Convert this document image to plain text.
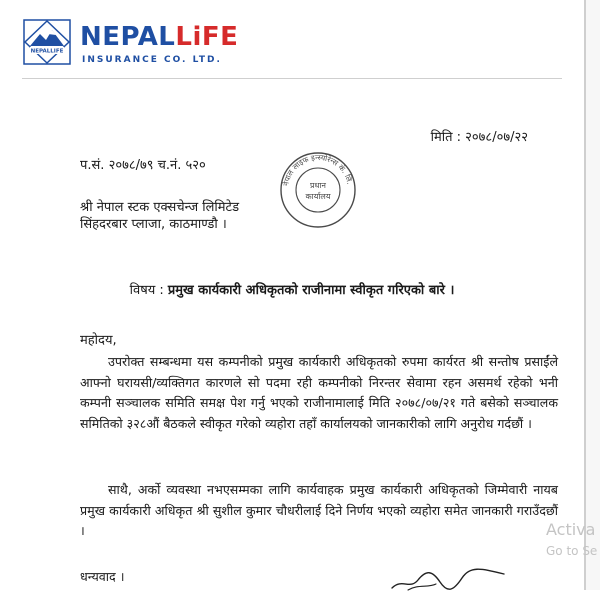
NEPALLIFE NEPALLiFE
INSURANCE CO. LTD.
मिति : २०७८/०७/२२
प.सं. २०७८/७९ च.नं. ५२०
श्री नेपाल स्टक एक्सचेन्ज लिमिटेड
सिंहदरबार प्लाजा, काठमाण्डौ ।
नेपाल लाइफ इन्स्योरेन्स कं. लि.
प्रधान
कार्यालय
विषय : प्रमुख कार्यकारी अधिकृतको राजीनामा स्वीकृत गरिएको बारे ।
महोदय,

उपरोक्त सम्बन्धमा यस कम्पनीको प्रमुख कार्यकारी अधिकृतको रुपमा कार्यरत श्री सन्तोष प्रसाईंले आफ्नो घरायसी/व्यक्तिगत कारणले सो पदमा रही कम्पनीको निरन्तर सेवामा रहन असमर्थ रहेको भनी कम्पनी सञ्चालक समिति समक्ष पेश गर्नु भएको राजीनामालाई मिति २०७८/०७/२१ गते बसेको सञ्चालक समितिको ३२८औं बैठकले स्वीकृत गरेको व्यहोरा तहाँ कार्यालयको जानकारीको लागि अनुरोध गर्दछौं ।

साथै, अर्को व्यवस्था नभएसम्मका लागि कार्यवाहक प्रमुख कार्यकारी अधिकृतको जिम्मेवारी नायब प्रमुख कार्यकारी अधिकृत श्री सुशील कुमार चौधरीलाई दिने निर्णय भएको व्यहोरा समेत जानकारी गराउँदछौं ।

धन्यवाद ।
Activa
Go to Se
